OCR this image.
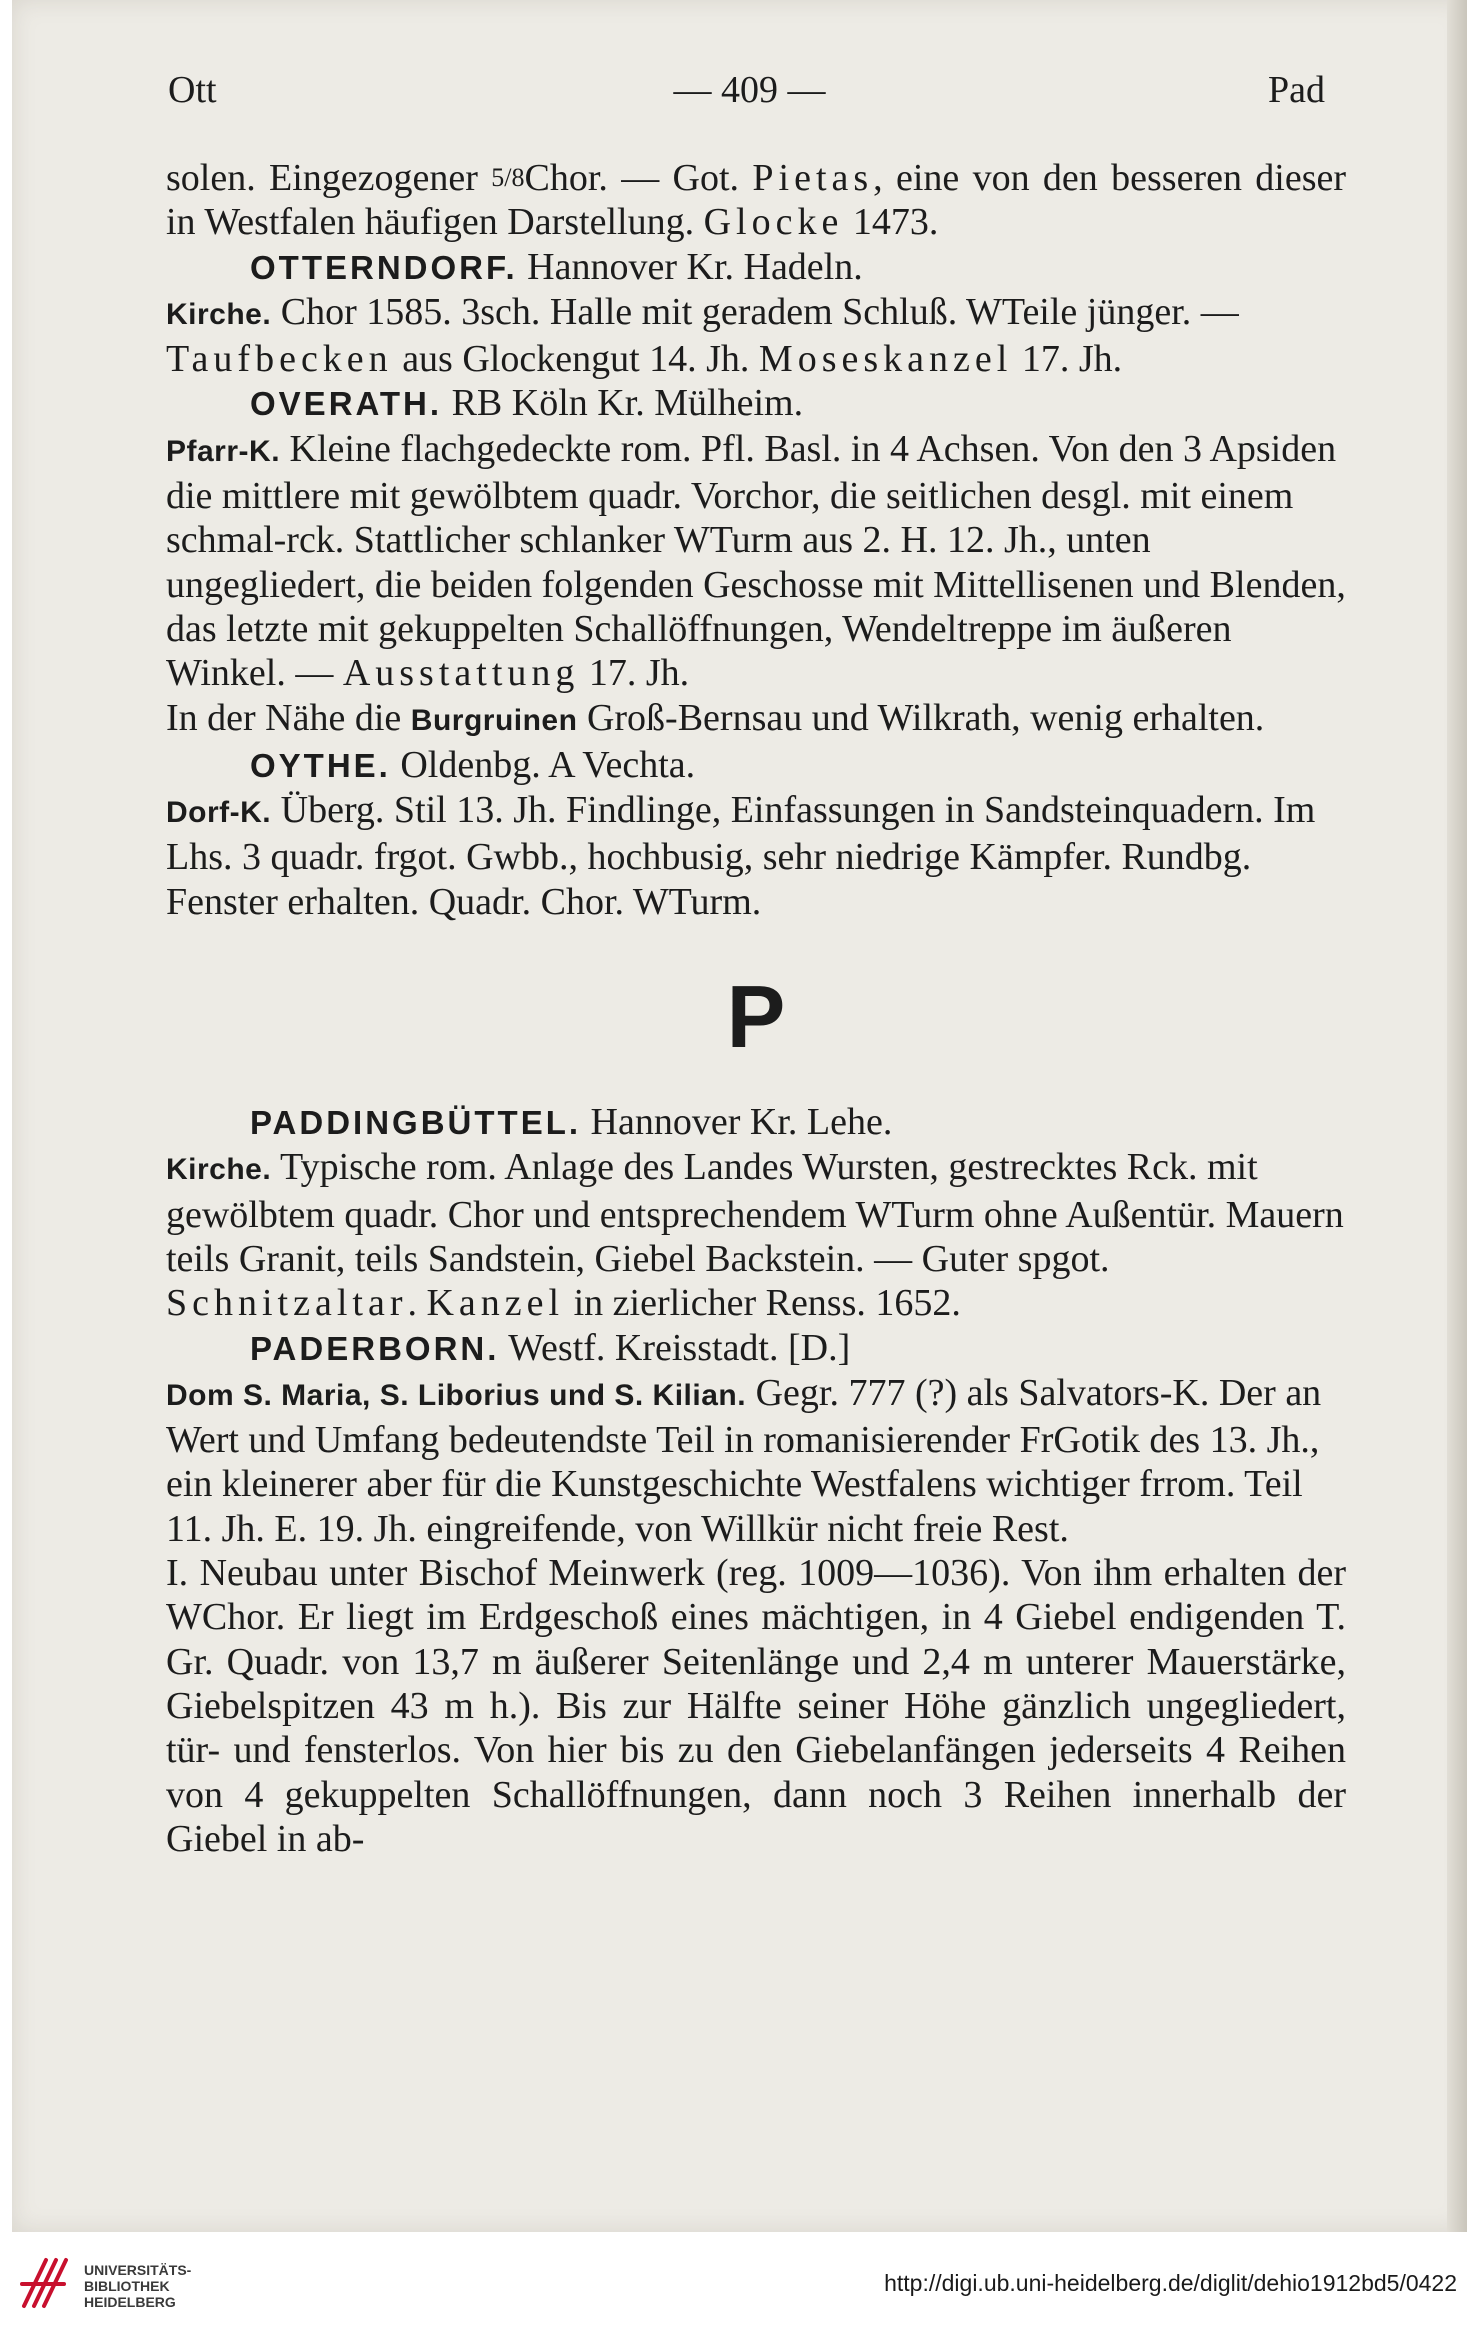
Ott	— 409 —	Pad

solen. Eingezogener 5/8Chor. — Got. Pietas, eine von den besseren dieser in Westfalen häufigen Darstellung. Glocke 1473.

OTTERNDORF. Hannover Kr. Hadeln.

Kirche. Chor 1585. 3sch. Halle mit geradem Schluß. WTeile jünger. — Taufbecken aus Glockengut 14. Jh. Moseskanzel 17. Jh.

OVERATH. RB Köln Kr. Mülheim.

Pfarr-K. Kleine flachgedeckte rom. Pfl. Basl. in 4 Achsen. Von den 3 Apsiden die mittlere mit gewölbtem quadr. Vorchor, die seitlichen desgl. mit einem schmal-rck. Stattlicher schlanker WTurm aus 2. H. 12. Jh., unten ungegliedert, die beiden folgenden Geschosse mit Mittellisenen und Blenden, das letzte mit gekuppelten Schallöffnungen, Wendeltreppe im äußeren Winkel. — Ausstattung 17. Jh.

In der Nähe die Burgruinen Groß-Bernsau und Wilkrath, wenig erhalten.

OYTHE. Oldenbg. A Vechta.

Dorf-K. Überg. Stil 13. Jh. Findlinge, Einfassungen in Sandsteinquadern. Im Lhs. 3 quadr. frgot. Gwbb., hochbusig, sehr niedrige Kämpfer. Rundbg. Fenster erhalten. Quadr. Chor. WTurm.

P

PADDINGBÜTTEL. Hannover Kr. Lehe.

Kirche. Typische rom. Anlage des Landes Wursten, gestrecktes Rck. mit gewölbtem quadr. Chor und entsprechendem WTurm ohne Außentür. Mauern teils Granit, teils Sandstein, Giebel Backstein. — Guter spgot. Schnitzaltar. Kanzel in zierlicher Renss. 1652.

PADERBORN. Westf. Kreisstadt. [D.]

Dom S. Maria, S. Liborius und S. Kilian. Gegr. 777 (?) als Salvators-K. Der an Wert und Umfang bedeutendste Teil in romanisierender FrGotik des 13. Jh., ein kleinerer aber für die Kunstgeschichte Westfalens wichtiger frrom. Teil 11. Jh. E. 19. Jh. eingreifende, von Willkür nicht freie Rest.

I. Neubau unter Bischof Meinwerk (reg. 1009—1036). Von ihm erhalten der WChor. Er liegt im Erdgeschoß eines mächtigen, in 4 Giebel endigenden T. Gr. Quadr. von 13,7 m äußerer Seitenlänge und 2,4 m unterer Mauerstärke, Giebelspitzen 43 m h.). Bis zur Hälfte seiner Höhe gänzlich ungegliedert, tür- und fensterlos. Von hier bis zu den Giebelanfängen jederseits 4 Reihen von 4 gekuppelten Schallöffnungen, dann noch 3 Reihen innerhalb der Giebel in ab-

UNIVERSITÄTS-
BIBLIOTHEK
HEIDELBERG
http://digi.ub.uni-heidelberg.de/diglit/dehio1912bd5/0422
